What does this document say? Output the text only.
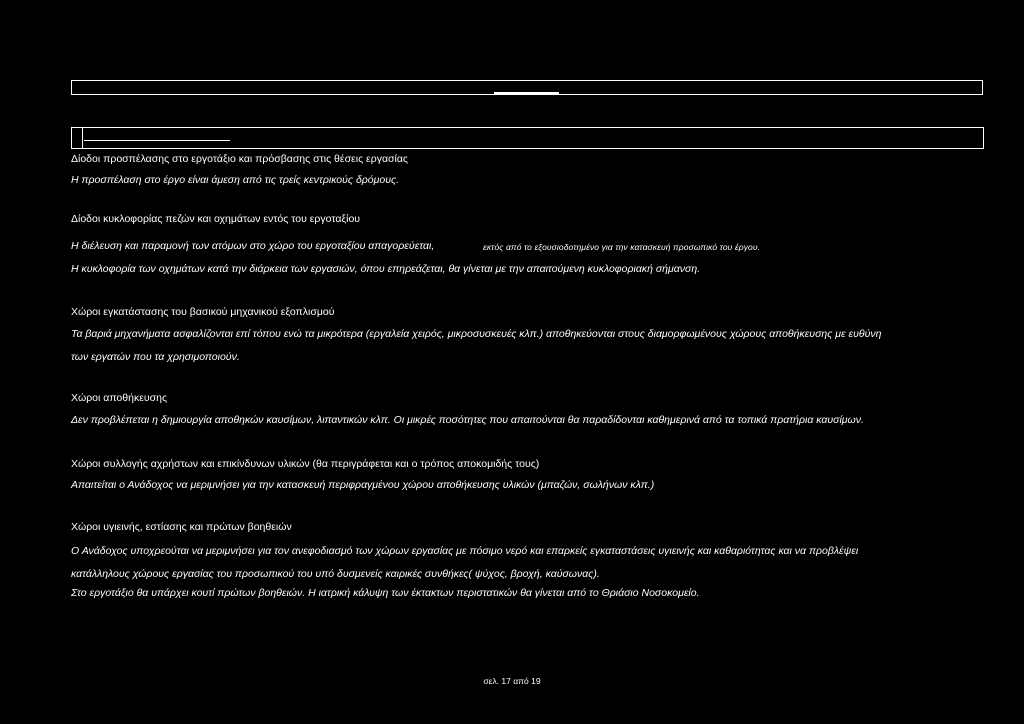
Δίοδοι προσπέλασης στο εργοτάξιο και πρόσβασης στις θέσεις εργασίας
Η προσπέλαση στο έργο είναι άμεση από τις τρείς κεντρικούς δρόμους.
Δίοδοι κυκλοφορίας πεζών και οχημάτων εντός του εργοταξίου
Η διέλευση και παραμονή των ατόμων στο χώρο του εργοταξίου απαγορεύεται,	εκτός από το εξουσιοδοτημένο για την κατασκευή προσωπικό του έργου.
Η κυκλοφορία των οχημάτων κατά την διάρκεια των εργασιών, όπου επηρεάζεται, θα γίνεται με την απαιτούμενη κυκλοφοριακή σήμανση.
Χώροι εγκατάστασης του βασικού μηχανικού εξοπλισμού
Τα βαριά μηχανήματα ασφαλίζονται επί τόπου ενώ τα μικρότερα (εργαλεία χειρός, μικροσυσκευές κλπ.) αποθηκεύονται στους διαμορφωμένους χώρους αποθήκευσης με ευθύνη
των εργατών που τα χρησιμοποιούν.
Χώροι αποθήκευσης
Δεν προβλέπεται η δημιουργία αποθηκών καυσίμων, λιπαντικών κλπ. Οι μικρές ποσότητες που απαιτούνται θα παραδίδονται καθημερινά από τα τοπικά πρατήρια καυσίμων.
Χώροι συλλογής αχρήστων και επικίνδυνων υλικών (θα περιγράφεται και ο τρόπος αποκομιδής τους)
Απαιτείται ο Ανάδοχος να μεριμνήσει για την κατασκευή περιφραγμένου χώρου αποθήκευσης υλικών (μπαζών, σωλήνων κλπ.)
Χώροι υγιεινής, εστίασης και πρώτων βοηθειών
Ο Ανάδοχος υποχρεούται να μεριμνήσει για τον ανεφοδιασμό των χώρων εργασίας με πόσιμο νερό και επαρκείς εγκαταστάσεις υγιεινής και καθαριότητας και να προβλέψει
κατάλληλους χώρους εργασίας του προσωπικού του υπό δυσμενείς καιρικές συνθήκες( ψύχος, βροχή, καύσωνας).
Στο εργοτάξιο θα υπάρχει κουτί πρώτων βοηθειών. Η ιατρική κάλυψη των έκτακτων περιστατικών θα γίνεται από το Θριάσιο Νοσοκομείο.
σελ. 17 από 19
